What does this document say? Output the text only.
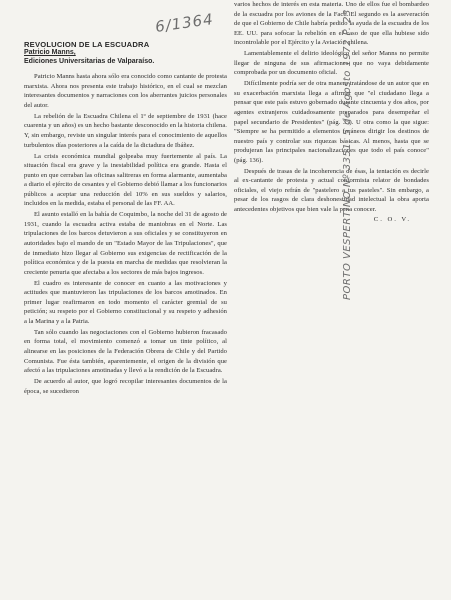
6/1364

REVOLUCION DE LA ESCUADRA

Patricio Manns,

Ediciones Universitarias de Valparaíso.

Patricio Manns hasta ahora sólo era conocido como cantante de protesta marxista. Ahora nos presenta este trabajo histórico, en el cual se mezclan interesantes documentos y narraciones con los aberrantes juicios personales del autor.

La rebelión de la Escuadra Chilena el 1º de septiembre de 1931 (hace cuarenta y un años) es un hecho bastante desconocido en la historia chilena. Y, sin embargo, reviste un singular interés para el conocimiento de aquellos turbulentos días posteriores a la caída de la dictadura de Ibáñez.

La crisis económica mundial golpeaba muy fuertemente al país. La situación fiscal era grave y la inestabilidad política era grande. Hasta el punto en que cerraban las oficinas salitreras en forma alarmante, aumentaba a diario el ejército de cesantes y el Gobierno debió llamar a los funcionarios públicos a aceptar una reducción del 10% en sus sueldos y salarios, incluidos en la medida, estaba el personal de las FF. AA.

El asunto estalló en la bahía de Coquimbo, la noche del 31 de agosto de 1931, cuando la escuadra activa estaba de maniobras en el Norte. Las tripulaciones de los barcos detuvieron a sus oficiales y se constituyeron en autoridades bajo el mando de un "Estado Mayor de las Tripulaciones", que de inmediato hizo llegar al Gobierno sus exigencias de rectificación de la política económica y de la puesta en marcha de medidas que resolvieran la creciente penuria que afectaba a los sectores de más bajos ingresos.

El cuadro es interesante de conocer en cuanto a las motivaciones y actitudes que mantuvieron las tripulaciones de los barcos amotinados. En primer lugar reafirmaron en todo momento el carácter gremial de su petición; su respeto por el Gobierno constitucional y su respeto y adhesión a la Marina y a la Patria.

Tan sólo cuando las negociaciones con el Gobierno hubieron fracasado en forma total, el movimiento comenzó a tomar un tinte político, al alinearse en las posiciones de la Federación Obrera de Chile y del Partido Comunista. Fue ésta también, aparentemente, el origen de la división que afectó a las tripulaciones amotinadas y llevó a la rendición de la Escuadra.

De acuerdo al autor, que logró recopilar interesantes documentos de la época, se sucedieron

varios hechos de interés en esta materia. Uno de ellos fue el bombardeo de la escuadra por los aviones de la Fach. El segundo es la aseveración de que el Gobierno de Chile habría pedido la ayuda de la escuadra de los EE. UU. para sofocar la rebelión en el caso de que ella hubiese sido incontrolable por el Ejército y la Aviación chilena.

Lamentablemente el delirio ideológico del señor Manns no permite llegar de ninguna de sus afirmaciones que no vaya debidamente comprobada por un documento oficial.

Difícilmente podría ser de otra manera tratándose de un autor que en su exacerbación marxista llega a afirmar que "el ciudadano llega a pensar que este país estuvo gobernado durante cincuenta y dos años, por agentes extranjeros cuidadosamente preparados para desempeñar el papel secundario de Presidentes" (pág. 35). U otra como la que sigue: "Siempre se ha permitido a elementos foráneos dirigir los destinos de nuestro país y controlar sus riquezas básicas. Al menos, hasta que se produjeran las principales nacionalizaciones que todo el país conoce" (pág. 136).

Después de trasas de la incoherencia de ésas, la tentación es decirle al ex-cantante de protesta y actual conformista relator de bondades oficiales, el viejo refrán de "pastelero a tus pasteles". Sin embargo, a pesar de los rasgos de clara deshonestidad intelectual la obra aporta antecedentes objetivos que bien vale la pena conocer.

C. O. V.

PORTO VESPERTINO Nº 3351, 5 de Agosto 1972 P. 23
